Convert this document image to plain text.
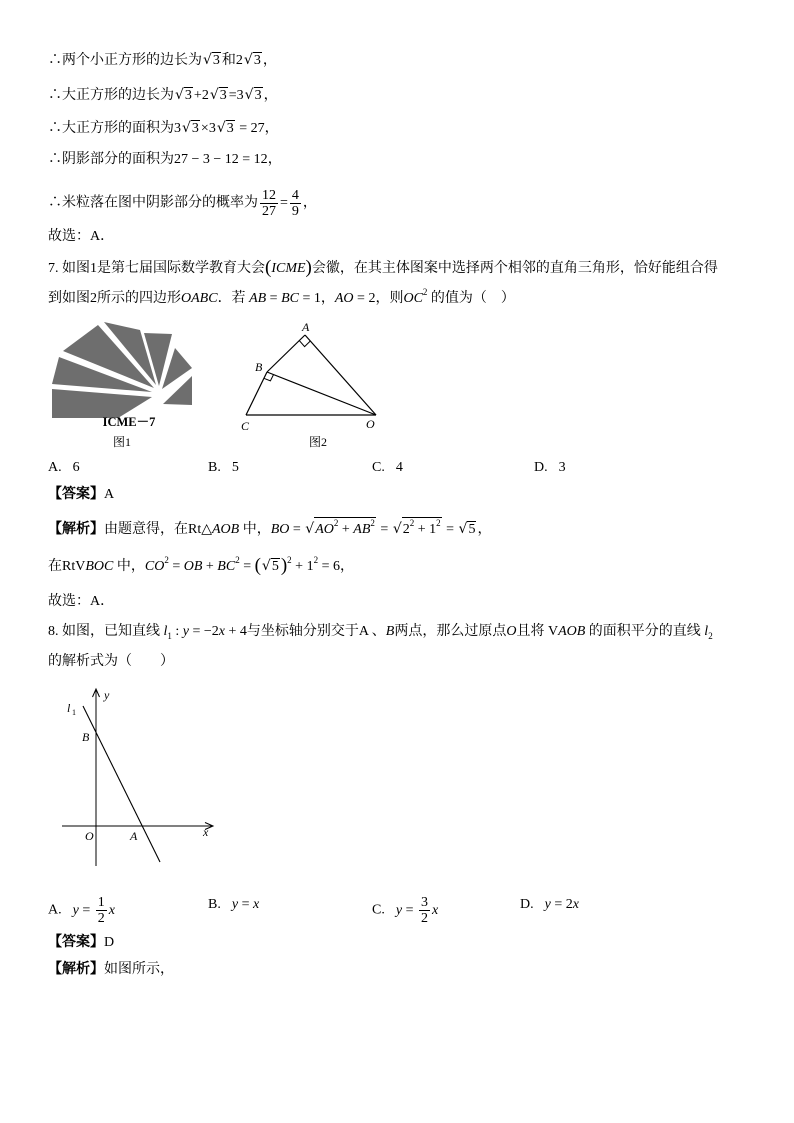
ICME－7
图1
A
B
C	O
图2
l 1
y
B
O	A	x
∴两个小正方形的边长为√3 和2√3 ，
∴大正方形的边长为√3 +2√3 =3√3 ，
∴大正方形的面积为3√3 ×3√3 = 27，
∴阴影部分的面积为27 − 3 − 12 = 12，
∴米粒落在图中阴影部分的概率为 $\frac{12}{27} = \frac{4}{9}$ ，
故选：A．
7. 如图1是第七届国际数学教育大会(ICME)会徽，在其主体图案中选择两个相邻的直角三角形，恰好能组合得
到如图2所示的四边形OABC．若 AB = BC = 1，AO = 2，则$OC^2$ 的值为（　）
A. 6	B. 5	C. 4	D. 3
【答案】A
【解析】由题意得，在Rt△AOB 中，BO = $√AO^2 + AB^2 = √2^2 + 1^2 = √5$ ，
在RtVBOC 中，$CO^2$ = OB + $BC^2 = (√5$ )$^2 + 1^2 = 6$，
故选：A．
8. 如图，已知直线 $l_1$ : y = −2x + 4与坐标轴分别交于A 、B两点，那么过原点O且将 VAOB 的面积平分的直线 $l_2$
的解析式为（　　）
A. $y = \frac{1}{2}$ x	B. y = x	C. $y = \frac{3}{2}$ x	D. y = 2x
【答案】D
【解析】如图所示，
